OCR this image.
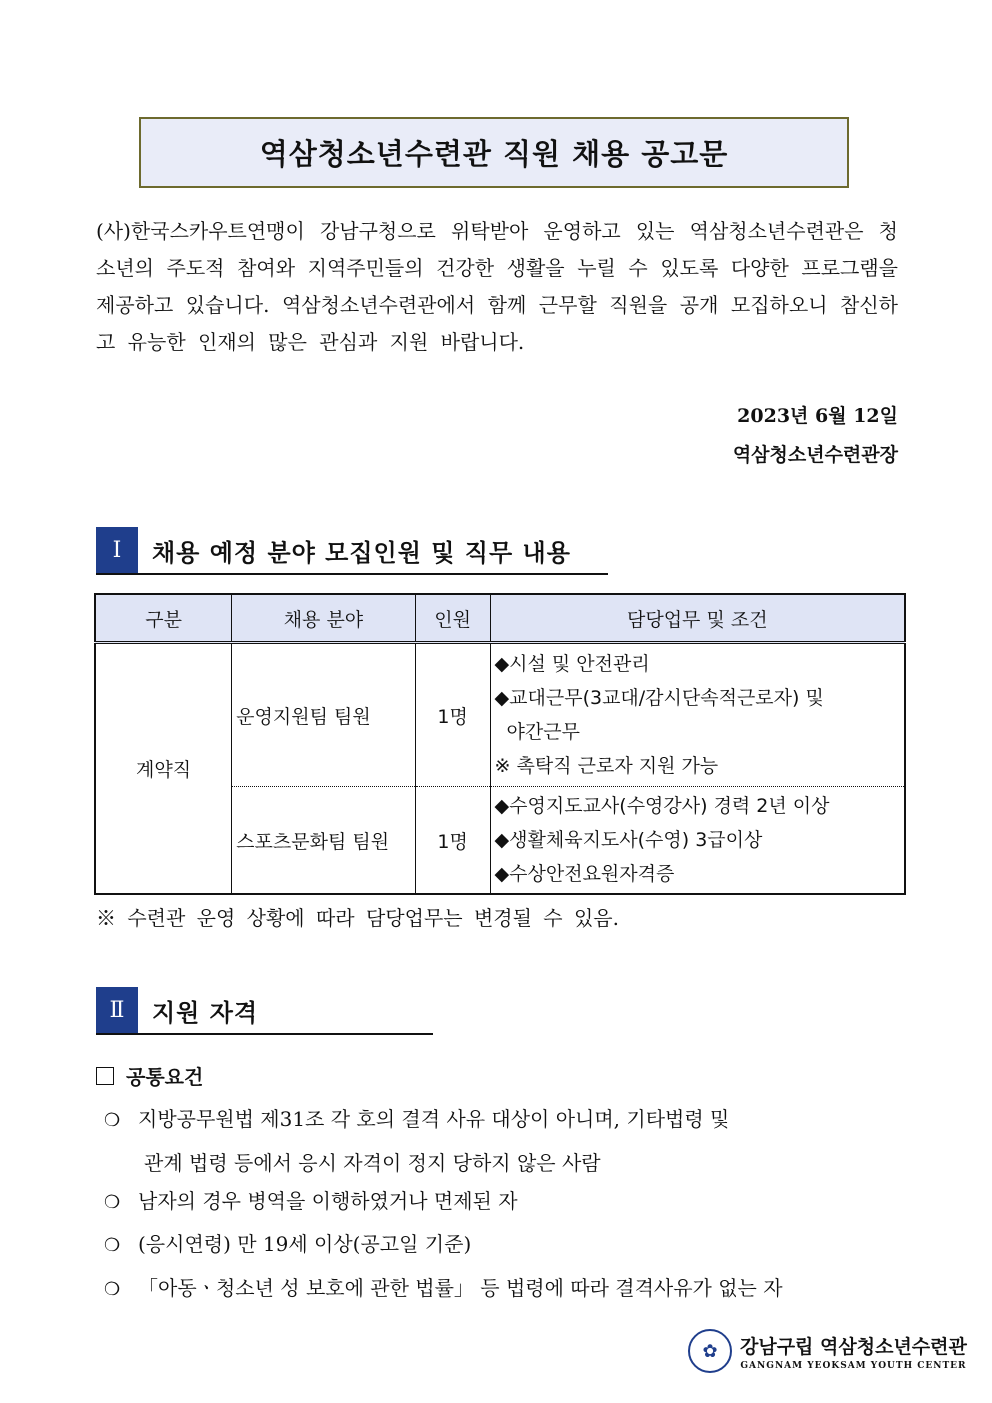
역삼청소년수련관 직원 채용 공고문
(사)한국스카우트연맹이 강남구청으로 위탁받아 운영하고 있는 역삼청소년수련관은 청소년의 주도적 참여와 지역주민들의 건강한 생활을 누릴 수 있도록 다양한 프로그램을 제공하고 있습니다. 역삼청소년수련관에서 함께 근무할 직원을 공개 모집하오니 참신하고 유능한 인재의 많은 관심과 지원 바랍니다.
2023년 6월 12일
역삼청소년수련관장
Ⅰ	채용 예정 분야 모집인원 및 직무 내용
구분	채용 분야	인원	담당업무 및 조건
계약직	운영지원팀 팀원	1명	◆시설 및 안전관리
◆교대근무(3교대/감시단속적근로자) 및
야간근무
※ 촉탁직 근로자 지원 가능

	스포츠문화팀 팀원	1명	◆수영지도교사(수영강사) 경력 2년 이상
◆생활체육지도사(수영) 3급이상
◆수상안전요원자격증
※ 수련관 운영 상황에 따라 담당업무는 변경될 수 있음.
Ⅱ	지원 자격
공통요건
❍ 지방공무원법 제31조 각 호의 결격 사유 대상이 아니며, 기타법령 및
관계 법령 등에서 응시 자격이 정지 당하지 않은 사람
❍ 남자의 경우 병역을 이행하였거나 면제된 자
❍ (응시연령) 만 19세 이상(공고일 기준)
❍ 「아동ㆍ청소년 성 보호에 관한 법률」 등 법령에 따라 결격사유가 없는 자
✿	강남구립 역삼청소년수련관
GANGNAM YEOKSAM YOUTH CENTER
